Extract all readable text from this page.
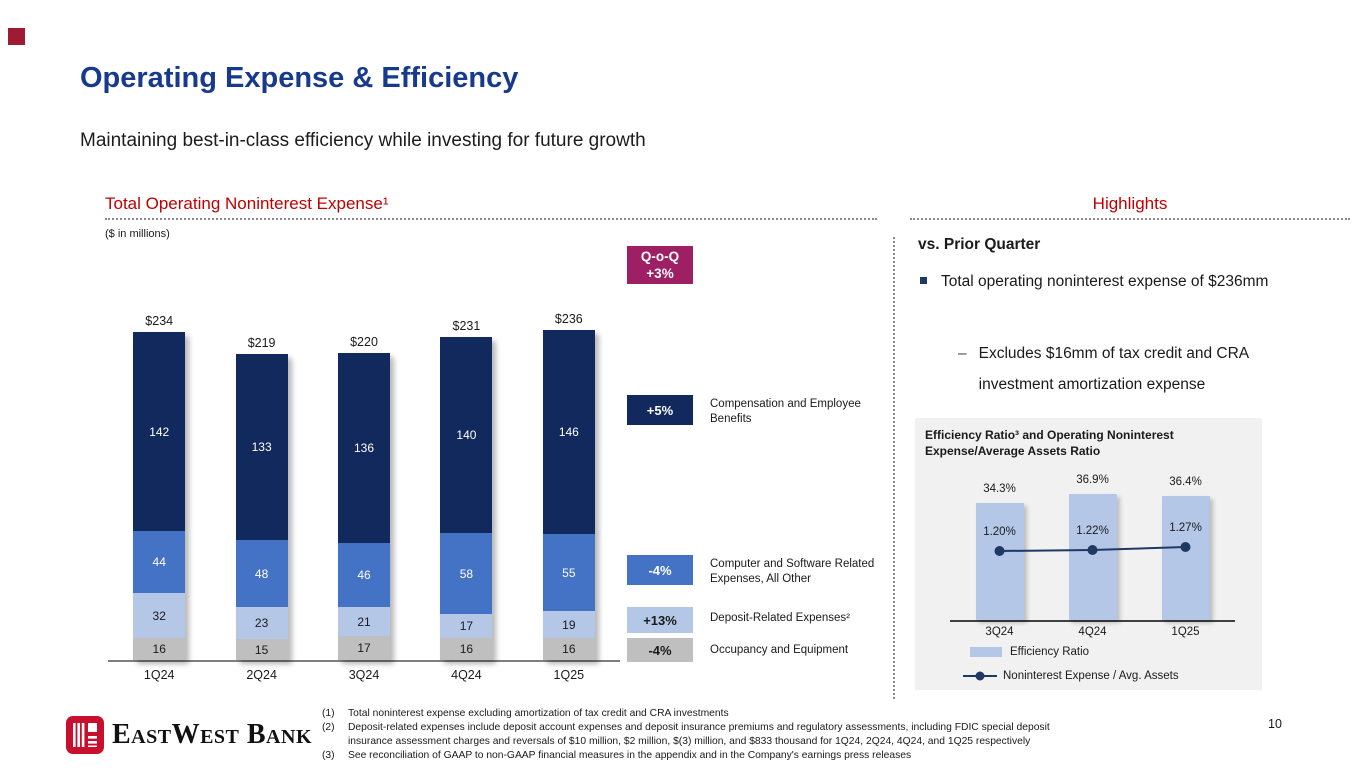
Operating Expense & Efficiency
Maintaining best-in-class efficiency while investing for future growth
Total Operating Noninterest Expense¹
($ in millions)
Q-o-Q
+3%
$234
142
44
32
16
$219
133
48
23
15
$220
136
46
21
17
$231
140
58
17
16
$236
146
55
19
16
1Q24	2Q24	3Q24	4Q24	1Q25
+5%	Compensation and Employee Benefits
-4%	Computer and Software Related Expenses, All Other
+13%	Deposit-Related Expenses²
-4%	Occupancy and Equipment
Highlights
vs. Prior Quarter
Total operating noninterest expense of $236mm
– Excludes $16mm of tax credit and CRA investment amortization expense
Efficiency Ratio³ and Operating Noninterest Expense/Average Assets Ratio
3Q24	4Q24	1Q25
Efficiency Ratio
Noninterest Expense / Avg. Assets
34.3%
36.9%	36.4%
1.20%	1.22%	1.27%
(1)	Total noninterest expense excluding amortization of tax credit and CRA investments
(2)	Deposit-related expenses include deposit account expenses and deposit insurance premiums and regulatory assessments, including FDIC special deposit insurance assessment charges and reversals of $10 million, $2 million, $(3) million, and $833 thousand for 1Q24, 2Q24, 4Q24, and 1Q25 respectively
(3)	See reconciliation of GAAP to non-GAAP financial measures in the appendix and in the Company's earnings press releases
EastWest Bank	10
